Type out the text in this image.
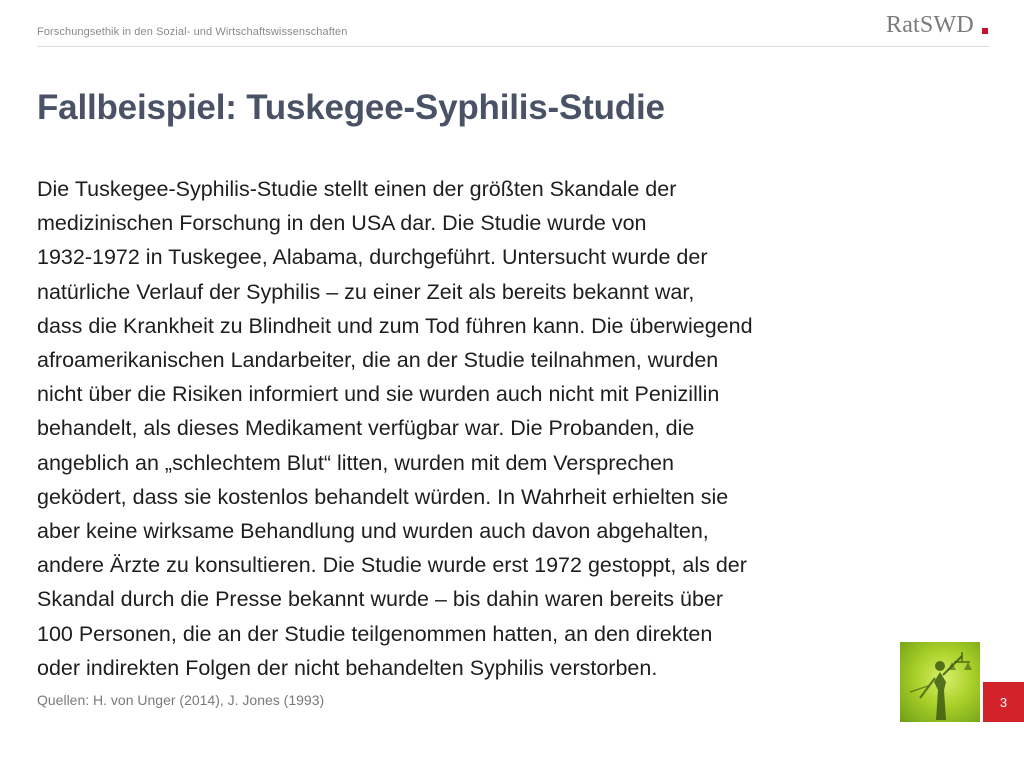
Forschungsethik in den Sozial- und Wirtschaftswissenschaften	RatSWD
Fallbeispiel: Tuskegee-Syphilis-Studie
Die Tuskegee-Syphilis-Studie stellt einen der größten Skandale der
medizinischen Forschung in den USA dar. Die Studie wurde von
1932-1972 in Tuskegee, Alabama, durchgeführt. Untersucht wurde der
natürliche Verlauf der Syphilis – zu einer Zeit als bereits bekannt war,
dass die Krankheit zu Blindheit und zum Tod führen kann. Die überwiegend
afroamerikanischen Landarbeiter, die an der Studie teilnahmen, wurden
nicht über die Risiken informiert und sie wurden auch nicht mit Penizillin
behandelt, als dieses Medikament verfügbar war. Die Probanden, die
angeblich an „schlechtem Blut“ litten, wurden mit dem Versprechen
geködert, dass sie kostenlos behandelt würden. In Wahrheit erhielten sie
aber keine wirksame Behandlung und wurden auch davon abgehalten,
andere Ärzte zu konsultieren. Die Studie wurde erst 1972 gestoppt, als der
Skandal durch die Presse bekannt wurde – bis dahin waren bereits über
100 Personen, die an der Studie teilgenommen hatten, an den direkten
oder indirekten Folgen der nicht behandelten Syphilis verstorben.
Quellen: H. von Unger (2014), J. Jones (1993)	3
